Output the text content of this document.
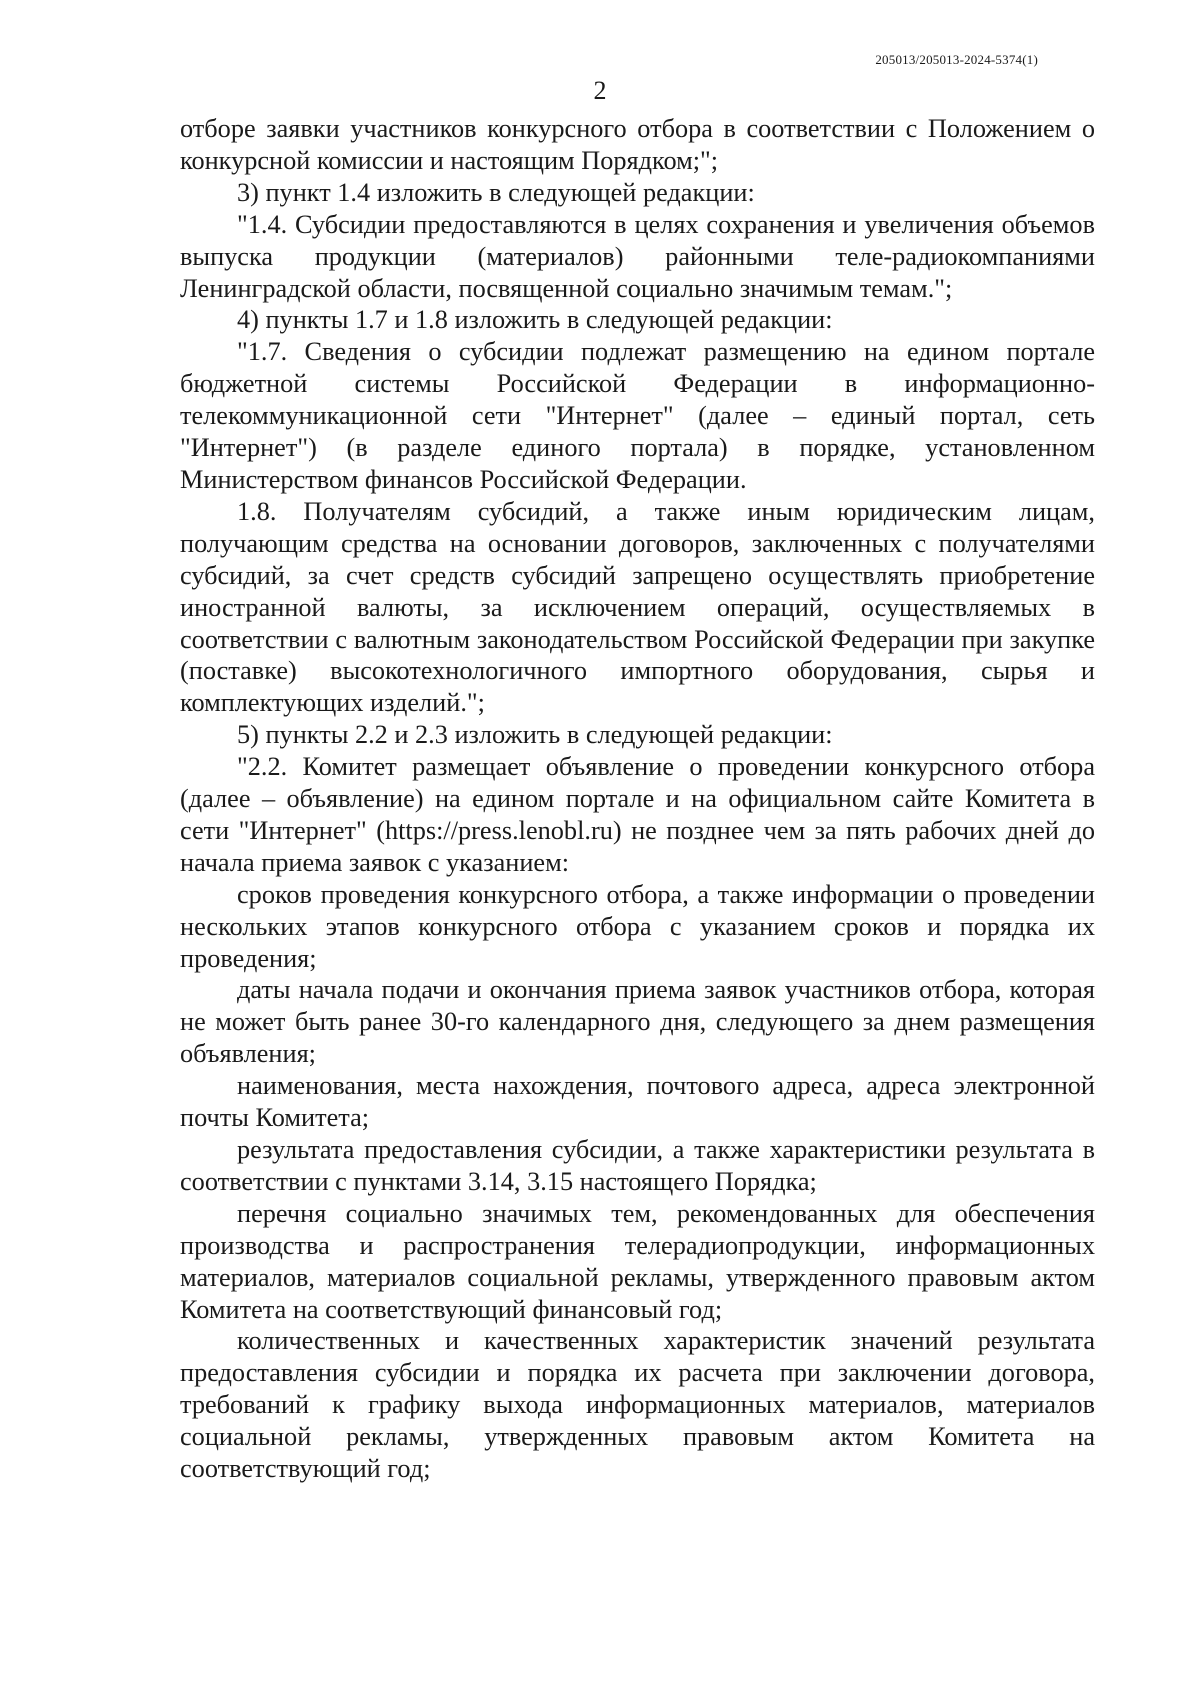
205013/205013-2024-5374(1)
2

отборе заявки участников конкурсного отбора в соответствии с Положением о конкурсной комиссии и настоящим Порядком;";

3) пункт 1.4 изложить в следующей редакции:

"1.4. Субсидии предоставляются в целях сохранения и увеличения объемов выпуска продукции (материалов) районными теле-радиокомпаниями Ленинградской области, посвященной социально значимым темам.";

4) пункты 1.7 и 1.8 изложить в следующей редакции:

"1.7. Сведения о субсидии подлежат размещению на едином портале бюджетной системы Российской Федерации в информационно-телекоммуникационной сети "Интернет" (далее – единый портал, сеть "Интернет") (в разделе единого портала) в порядке, установленном Министерством финансов Российской Федерации.

1.8. Получателям субсидий, а также иным юридическим лицам, получающим средства на основании договоров, заключенных с получателями субсидий, за счет средств субсидий запрещено осуществлять приобретение иностранной валюты, за исключением операций, осуществляемых в соответствии с валютным законодательством Российской Федерации при закупке (поставке) высокотехнологичного импортного оборудования, сырья и комплектующих изделий.";

5) пункты 2.2 и 2.3 изложить в следующей редакции:

"2.2. Комитет размещает объявление о проведении конкурсного отбора (далее – объявление) на едином портале и на официальном сайте Комитета в сети "Интернет" (https://press.lenobl.ru) не позднее чем за пять рабочих дней до начала приема заявок с указанием:

сроков проведения конкурсного отбора, а также информации о проведении нескольких этапов конкурсного отбора с указанием сроков и порядка их проведения;

даты начала подачи и окончания приема заявок участников отбора, которая не может быть ранее 30-го календарного дня, следующего за днем размещения объявления;

наименования, места нахождения, почтового адреса, адреса электронной почты Комитета;

результата предоставления субсидии, а также характеристики результата в соответствии с пунктами 3.14, 3.15 настоящего Порядка;

перечня социально значимых тем, рекомендованных для обеспечения производства и распространения телерадиопродукции, информационных материалов, материалов социальной рекламы, утвержденного правовым актом Комитета на соответствующий финансовый год;

количественных и качественных характеристик значений результата предоставления субсидии и порядка их расчета при заключении договора, требований к графику выхода информационных материалов, материалов социальной рекламы, утвержденных правовым актом Комитета на соответствующий год;
